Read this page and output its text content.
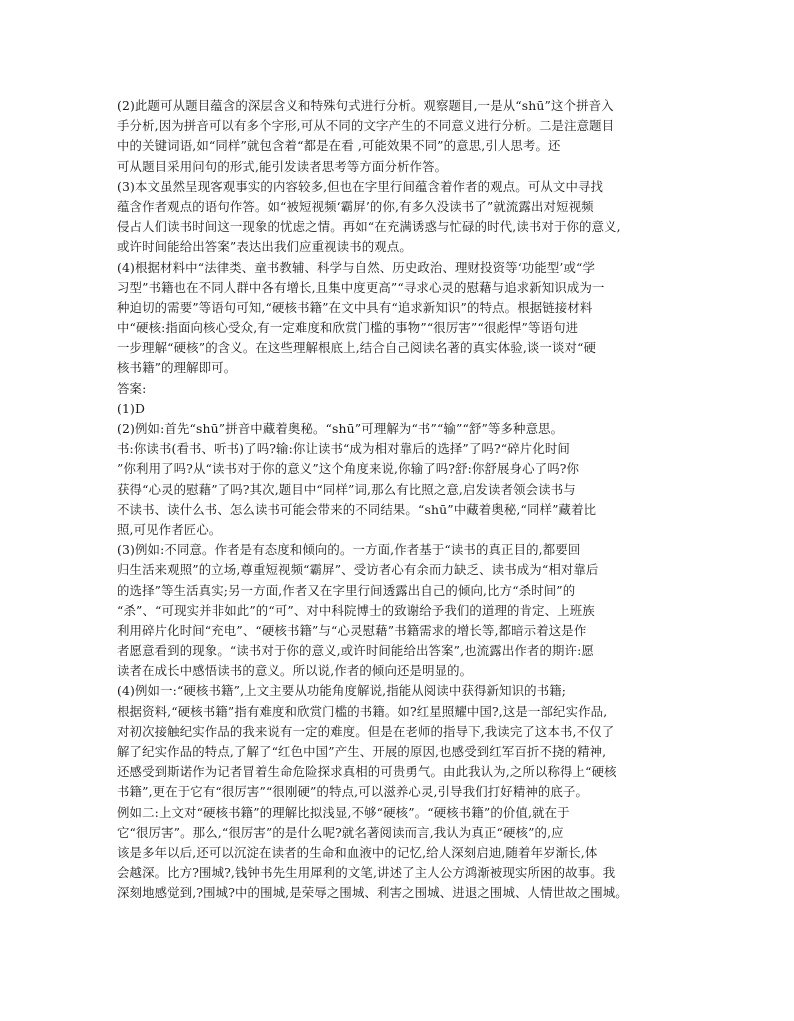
(2)此题可从题目蕴含的深层含义和特殊句式进行分析。观察题目,一是从“shū”这个拼音入
手分析,因为拼音可以有多个字形,可从不同的文字产生的不同意义进行分析。二是注意题目
中的关键词语,如“同样”就包含着“都是在看 ,可能效果不同”的意思,引人思考。还
可从题目采用问句的形式,能引发读者思考等方面分析作答。
(3)本文虽然呈现客观事实的内容较多,但也在字里行间蕴含着作者的观点。可从文中寻找
蕴含作者观点的语句作答。如“被短视频‘霸屏’的你,有多久没读书了”就流露出对短视频
侵占人们读书时间这一现象的忧虑之情。再如“在充满诱惑与忙碌的时代,读书对于你的意义,
或许时间能给出答案”表达出我们应重视读书的观点。
(4)根据材料中“法律类、童书教辅、科学与自然、历史政治、理财投资等‘功能型’或“学
习型”书籍也在不同人群中各有增长,且集中度更高”“寻求心灵的慰藉与追求新知识成为一
种迫切的需要”等语句可知,“硬核书籍”在文中具有“追求新知识”的特点。根据链接材料
中“硬核:指面向核心受众,有一定难度和欣赏门槛的事物”“很厉害”“很彪悍”等语句进
一步理解“硬核”的含义。在这些理解根底上,结合自己阅读名著的真实体验,谈一谈对“硬
核书籍”的理解即可。
答案:
(1)D
(2)例如:首先“shū”拼音中藏着奥秘。“shū”可理解为“书”“输”“舒”等多种意思。
书:你读书(看书、听书)了吗?输:你让读书“成为相对靠后的选择”了吗?“碎片化时间
”你利用了吗?从“读书对于你的意义”这个角度来说,你输了吗?舒:你舒展身心了吗?你
获得“心灵的慰藉”了吗?其次,题目中“同样”词,那么有比照之意,启发读者领会读书与
不读书、读什么书、怎么读书可能会带来的不同结果。“shū”中藏着奥秘,“同样”藏着比
照,可见作者匠心。
(3)例如:不同意。作者是有态度和倾向的。一方面,作者基于“读书的真正目的,都要回
归生活来观照”的立场,尊重短视频“霸屏”、受访者心有余而力缺乏、读书成为“相对靠后
的选择”等生活真实;另一方面,作者又在字里行间透露出自己的倾向,比方“杀时间”的
“杀”、“可现实并非如此”的“可”、对中科院博士的致谢给予我们的道理的肯定、上班族
利用碎片化时间“充电”、“硬核书籍”与“心灵慰藉”书籍需求的增长等,都暗示着这是作
者愿意看到的现象。“读书对于你的意义,或许时间能给出答案”,也流露出作者的期许:愿
读者在成长中感悟读书的意义。所以说,作者的倾向还是明显的。
(4)例如一:“硬核书籍”,上文主要从功能角度解说,指能从阅读中获得新知识的书籍;
根据资料,“硬核书籍”指有难度和欣赏门槛的书籍。如?红星照耀中国?,这是一部纪实作品,
对初次接触纪实作品的我来说有一定的难度。但是在老师的指导下,我读完了这本书,不仅了
解了纪实作品的特点,了解了“红色中国”产生、开展的原因,也感受到红军百折不挠的精神,
还感受到斯诺作为记者冒着生命危险探求真相的可贵勇气。由此我认为,之所以称得上“硬核
书籍”,更在于它有“很厉害”“很刚硬”的特点,可以滋养心灵,引导我们打好精神的底子。
例如二:上文对“硬核书籍”的理解比拟浅显,不够“硬核”。“硬核书籍”的价值,就在于
它“很厉害”。那么,“很厉害”的是什么呢?就名著阅读而言,我认为真正“硬核”的,应
该是多年以后,还可以沉淀在读者的生命和血液中的记忆,给人深刻启迪,随着年岁渐长,体
会越深。比方?围城?,钱钟书先生用犀利的文笔,讲述了主人公方鸿渐被现实所困的故事。我
深刻地感觉到,?围城?中的围城,是荣辱之围城、利害之围城、进退之围城、人情世故之围城。
